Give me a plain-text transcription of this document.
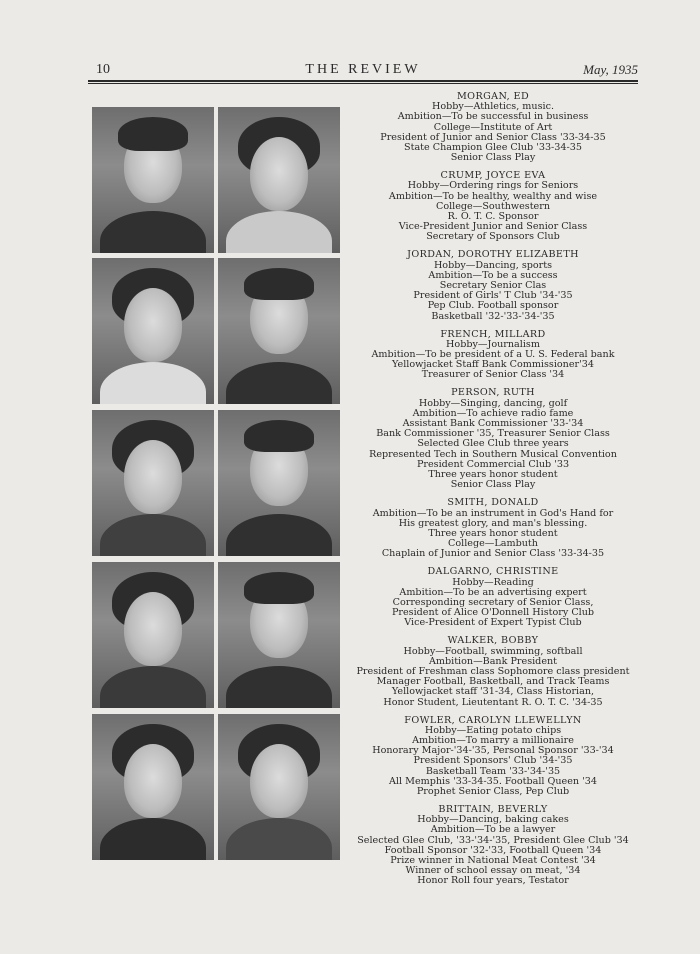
10	THE REVIEW	May, 1935
MORGAN, ED
Hobby—Athletics, music.
Ambition—To be successful in business
College—Institute of Art
President of Junior and Senior Class '33-34-35
State Champion Glee Club '33-34-35
Senior Class Play
CRUMP, JOYCE EVA
Hobby—Ordering rings for Seniors
Ambition—To be healthy, wealthy and wise
College—Southwestern
R. O. T. C. Sponsor
Vice-President Junior and Senior Class
Secretary of Sponsors Club
JORDAN, DOROTHY ELIZABETH
Hobby—Dancing, sports
Ambition—To be a success
Secretary Senior Clas
President of Girls' T Club '34-'35
Pep Club. Football sponsor
Basketball '32-'33-'34-'35
FRENCH, MILLARD
Hobby—Journalism
Ambition—To be president of a U. S. Federal bank
Yellowjacket Staff Bank Commissioner'34
Treasurer of Senior Class '34
PERSON, RUTH
Hobby—Singing, dancing, golf
Ambition—To achieve radio fame
Assistant Bank Commissioner '33-'34
Bank Commissioner '35, Treasurer Senior Class
Selected Glee Club three years
Represented Tech in Southern Musical Convention
President Commercial Club '33
Three years honor student
Senior Class Play
SMITH, DONALD
Ambition—To be an instrument in God's Hand for
His greatest glory, and man's blessing.
Three years honor student
College—Lambuth
Chaplain of Junior and Senior Class '33-34-35
DALGARNO, CHRISTINE
Hobby—Reading
Ambition—To be an advertising expert
Corresponding secretary of Senior Class,
President of Alice O'Donnell History Club
Vice-President of Expert Typist Club
WALKER, BOBBY
Hobby—Football, swimming, softball
Ambition—Bank President
President of Freshman class Sophomore class president
Manager Football, Basketball, and Track Teams
Yellowjacket staff '31-34, Class Historian,
Honor Student, Lieutentant R. O. T. C. '34-35
FOWLER, CAROLYN LLEWELLYN
Hobby—Eating potato chips
Ambition—To marry a millionaire
Honorary Major-'34-'35, Personal Sponsor '33-'34
President Sponsors' Club '34-'35
Basketball Team '33-'34-'35
All Memphis '33-34-35. Football Queen '34
Prophet Senior Class, Pep Club
BRITTAIN, BEVERLY
Hobby—Dancing, baking cakes
Ambition—To be a lawyer
Selected Glee Club, '33-'34-'35, President Glee Club '34
Football Sponsor '32-'33, Football Queen '34
Prize winner in National Meat Contest '34
Winner of school essay on meat, '34
Honor Roll four years, Testator
